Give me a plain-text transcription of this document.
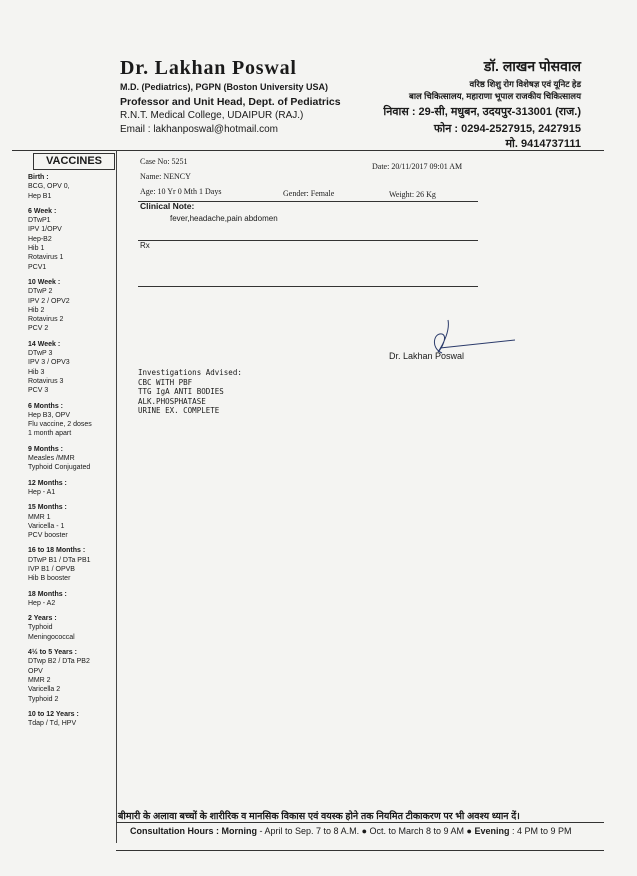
Dr. Lakhan Poswal
M.D. (Pediatrics), PGPN (Boston University USA)
Professor and Unit Head, Dept. of Pediatrics
R.N.T. Medical College, UDAIPUR (RAJ.)
Email : lakhanposwal@hotmail.com
डॉ. लाखन पोसवाल
वरिष्ठ शिशु रोग विशेषज्ञ एवं यूनिट हेड
बाल चिकित्सालय, महाराणा भूपाल राजकीय चिकित्सालय
निवास : 29-सी, मधुबन, उदयपुर-313001 (राज.)
फोन : 0294-2527915, 2427915
मो. 9414737111
VACCINES
Birth :
BCG, OPV 0,
Hep B1
6 Week :
DTwP1
IPV 1/OPV
Hep-B2
Hib 1
Rotavirus 1
PCV1
10 Week :
DTwP 2
IPV 2 / OPV2
Hib 2
Rotavirus 2
PCV 2
14 Week :
DTwP 3
IPV 3 / OPV3
Hib 3
Rotavirus 3
PCV 3
6 Months :
Hep B3, OPV
Flu vaccine, 2 doses
1 month apart
9 Months :
Measles /MMR
Typhoid Conjugated
12 Months :
Hep - A1
15 Months :
MMR 1
Varicella - 1
PCV booster
16 to 18 Months :
DTwP B1 / DTa PB1
IVP B1 / OPVB
Hib B booster
18 Months :
Hep - A2
2 Years :
Typhoid
Meningococcal
4½ to 5 Years :
DTwp B2 / DTa PB2
OPV
MMR 2
Varicella 2
Typhoid 2
10 to 12 Years :
Tdap / Td, HPV
Case No: 5251
Date: 20/11/2017 09:01 AM
Name: NENCY
Age: 10 Yr 0 Mth 1 Days	Gender: Female	Weight: 26 Kg
Clinical Note:
fever,headache,pain abdomen
Rx
Dr. Lakhan Poswal
Investigations Advised:
CBC WITH PBF
TTG IgA ANTI BODIES
ALK.PHOSPHATASE
URINE EX. COMPLETE
बीमारी के अलावा बच्चों के शारीरिक व मानसिक विकास एवं वयस्क होने तक नियमित टीकाकरण पर भी अवश्य ध्यान दें।
Consultation Hours : Morning - April to Sep. 7 to 8 A.M. ● Oct. to March 8 to 9 AM ● Evening : 4 PM to 9 PM
